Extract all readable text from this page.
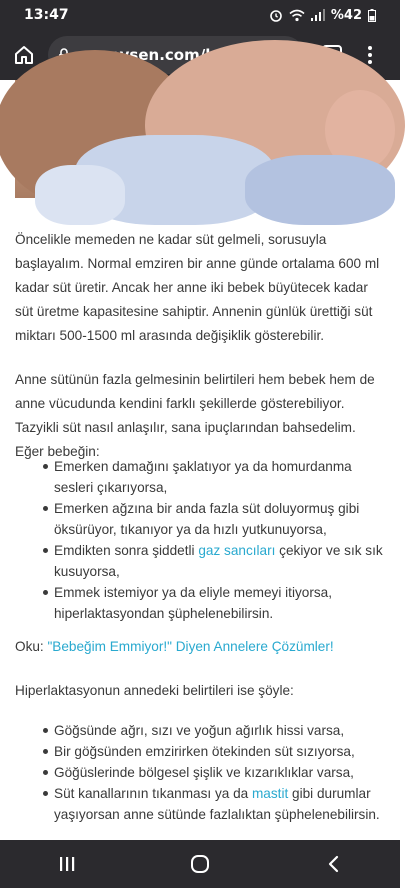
13:47	%42

Öncelikle memeden ne kadar süt gelmeli, sorusuyla başlayalım. Normal emziren bir anne günde ortalama 600 ml kadar süt üretir. Ancak her anne iki bebek büyütecek kadar süt üretme kapasitesine sahiptir. Annenin günlük ürettiği süt miktarı 500-1500 ml arasında değişiklik gösterebilir.

Anne sütünün fazla gelmesinin belirtileri hem bebek hem de anne vücudunda kendini farklı şekillerde gösterebiliyor. Tazyikli süt nasıl anlaşılır, sana ipuçlarından bahsedelim. Eğer bebeğin:

Emerken damağını şaklatıyor ya da homurdanma sesleri çıkarıyorsa,
Emerken ağzına bir anda fazla süt doluyormuş gibi öksürüyor, tıkanıyor ya da hızlı yutkunuyorsa,
Emdikten sonra şiddetli gaz sancıları çekiyor ve sık sık kusuyorsa,
Emmek istemiyor ya da eliyle memeyi itiyorsa, hiperlaktasyondan şüphelenebilirsin.

Oku: "Bebeğim Emmiyor!" Diyen Annelere Çözümler!

Hiperlaktasyonun annedeki belirtileri ise şöyle:

Göğsünde ağrı, sızı ve yoğun ağırlık hissi varsa,
Bir göğsünden emzirirken ötekinden süt sızıyorsa,
Göğüslerinde bölgesel şişlik ve kızarıklıklar varsa,
Süt kanallarının tıkanması ya da mastit gibi durumlar yaşıyorsan anne sütünde fazlalıktan şüphelenebilirsin.
